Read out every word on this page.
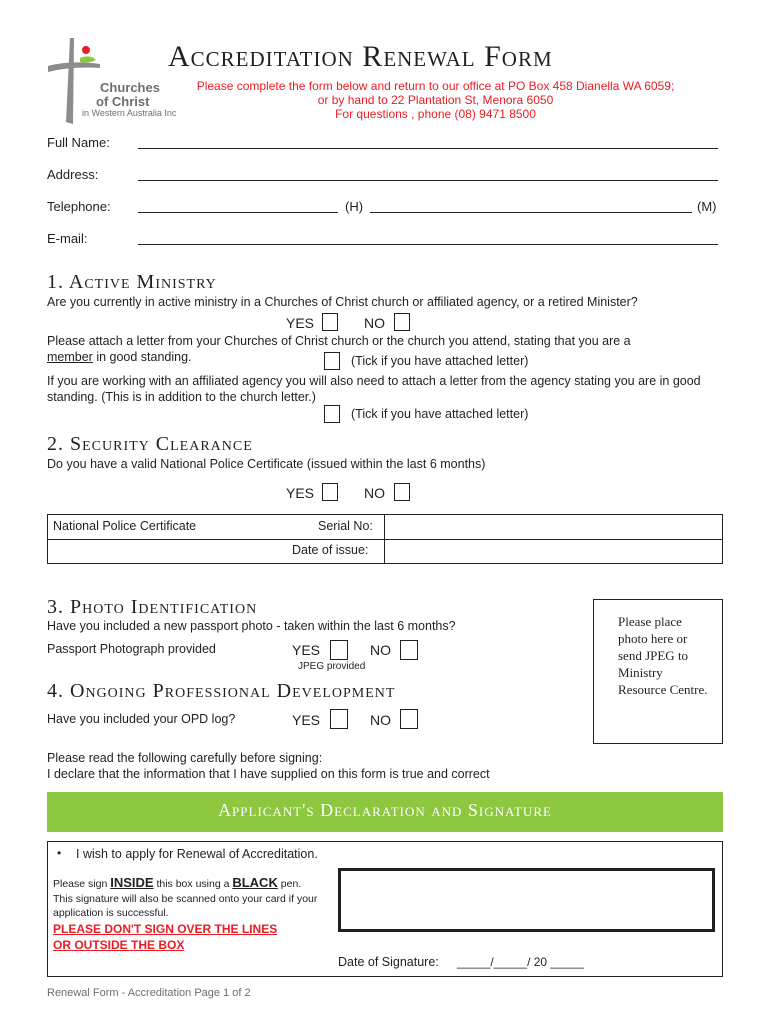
Churches
of Christ
in Western Australia Inc
Accreditation Renewal Form
Please complete the form below and return to our office at PO Box 458 Dianella WA 6059;
or by hand to 22 Plantation St, Menora 6050
For questions , phone (08) 9471 8500
Full Name:
Address:
Telephone:	(H)	(M)
E-mail:
1. Active Ministry
Are you currently in active ministry in a Churches of Christ church or affiliated agency, or a retired Minister?
YES	NO
Please attach a letter from your Churches of Christ church or the church you attend, stating that you are a
member in good standing.	(Tick if you have attached letter)
If you are working with an affiliated agency you will also need to attach a letter from the agency stating you are in good standing. (This is in addition to the church letter.)
(Tick if you have attached letter)
2. Security Clearance
Do you have a valid National Police Certificate (issued within the last 6 months)
YES	NO
National Police Certificate	Serial No:
Date of issue:
3. Photo Identification
Have you included a new passport photo - taken within the last 6 months?
Passport Photograph provided	YES	NO
JPEG provided
Please place photo here or send JPEG to Ministry Resource Centre.
4. Ongoing Professional Development
Have you included your OPD log?	YES	NO
Please read the following carefully before signing:
I declare that the information that I have supplied on this form is true and correct
Applicant's Declaration and Signature
• I wish to apply for Renewal of Accreditation.
Please sign INSIDE this box using a BLACK pen.
This signature will also be scanned onto your card if your application is successful.
PLEASE DON'T SIGN OVER THE LINES
OR OUTSIDE THE BOX
Date of Signature: _____/_____/ 20 _____
Renewal Form - Accreditation Page 1 of 2
